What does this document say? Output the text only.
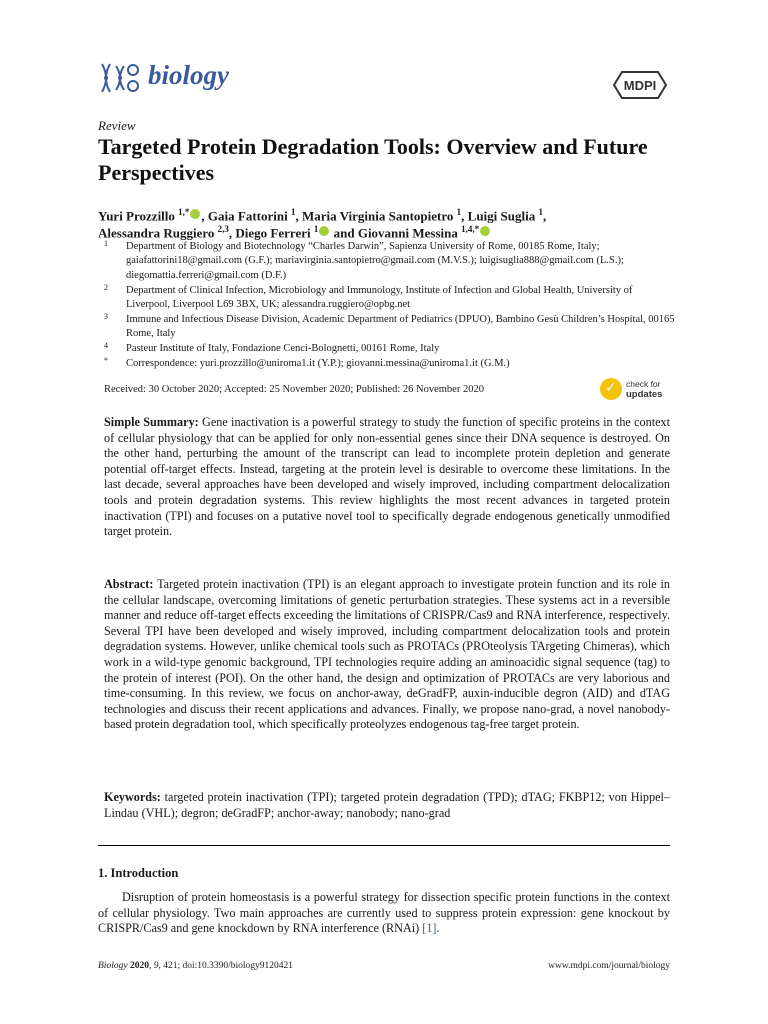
biology	MDPI
Review
Targeted Protein Degradation Tools: Overview and Future Perspectives
Yuri Prozzillo $^{1,*}$ , Gaia Fattorini $^1$, Maria Virginia Santopietro $^1$, Luigi Suglia $^1$,
Alessandra Ruggiero $^{2,3}$, Diego Ferreri $^1$ and Giovanni Messina $^{1,4,*}$
1 Department of Biology and Biotechnology “Charles Darwin”, Sapienza University of Rome, 00185 Rome, Italy; gaiafattorini18@gmail.com (G.F.); mariavirginia.santopietro@gmail.com (M.V.S.); luigisuglia888@gmail.com (L.S.); diegomattia.ferreri@gmail.com (D.F.)
2 Department of Clinical Infection, Microbiology and Immunology, Institute of Infection and Global Health, University of Liverpool, Liverpool L69 3BX, UK; alessandra.ruggiero@opbg.net
3 Immune and Infectious Disease Division, Academic Department of Pediatrics (DPUO), Bambino Gesù Children’s Hospital, 00165 Rome, Italy
4 Pasteur Institute of Italy, Fondazione Cenci-Bolognetti, 00161 Rome, Italy
* Correspondence: yuri.prozzillo@uniroma1.it (Y.P.); giovanni.messina@uniroma1.it (G.M.)
Received: 30 October 2020; Accepted: 25 November 2020; Published: 26 November 2020	✓ check for
updates
Simple Summary: Gene inactivation is a powerful strategy to study the function of specific proteins in the context of cellular physiology that can be applied for only non-essential genes since their DNA sequence is destroyed. On the other hand, perturbing the amount of the transcript can lead to incomplete protein depletion and generate potential off-target effects. Instead, targeting at the protein level is desirable to overcome these limitations. In the last decade, several approaches have been developed and wisely improved, including compartment delocalization tools and protein degradation systems. This review highlights the most recent advances in targeted protein inactivation (TPI) and focuses on a putative novel tool to specifically degrade endogenous genetically unmodified target protein.
Abstract: Targeted protein inactivation (TPI) is an elegant approach to investigate protein function and its role in the cellular landscape, overcoming limitations of genetic perturbation strategies. These systems act in a reversible manner and reduce off-target effects exceeding the limitations of CRISPR/Cas9 and RNA interference, respectively. Several TPI have been developed and wisely improved, including compartment delocalization tools and protein degradation systems. However, unlike chemical tools such as PROTACs (PROteolysis TArgeting Chimeras), which work in a wild-type genomic background, TPI technologies require adding an aminoacidic signal sequence (tag) to the protein of interest (POI). On the other hand, the design and optimization of PROTACs are very laborious and time-consuming. In this review, we focus on anchor-away, deGradFP, auxin-inducible degron (AID) and dTAG technologies and discuss their recent applications and advances. Finally, we propose nano-grad, a novel nanobody-based protein degradation tool, which specifically proteolyzes endogenous tag-free target protein.
Keywords: targeted protein inactivation (TPI); targeted protein degradation (TPD); dTAG; FKBP12; von Hippel–Lindau (VHL); degron; deGradFP; anchor-away; nanobody; nano-grad
1. Introduction
Disruption of protein homeostasis is a powerful strategy for dissection specific protein functions in the context of cellular physiology. Two main approaches are currently used to suppress protein expression: gene knockout by CRISPR/Cas9 and gene knockdown by RNA interference (RNAi) [1].
Biology 2020, 9, 421; doi:10.3390/biology9120421	www.mdpi.com/journal/biology
